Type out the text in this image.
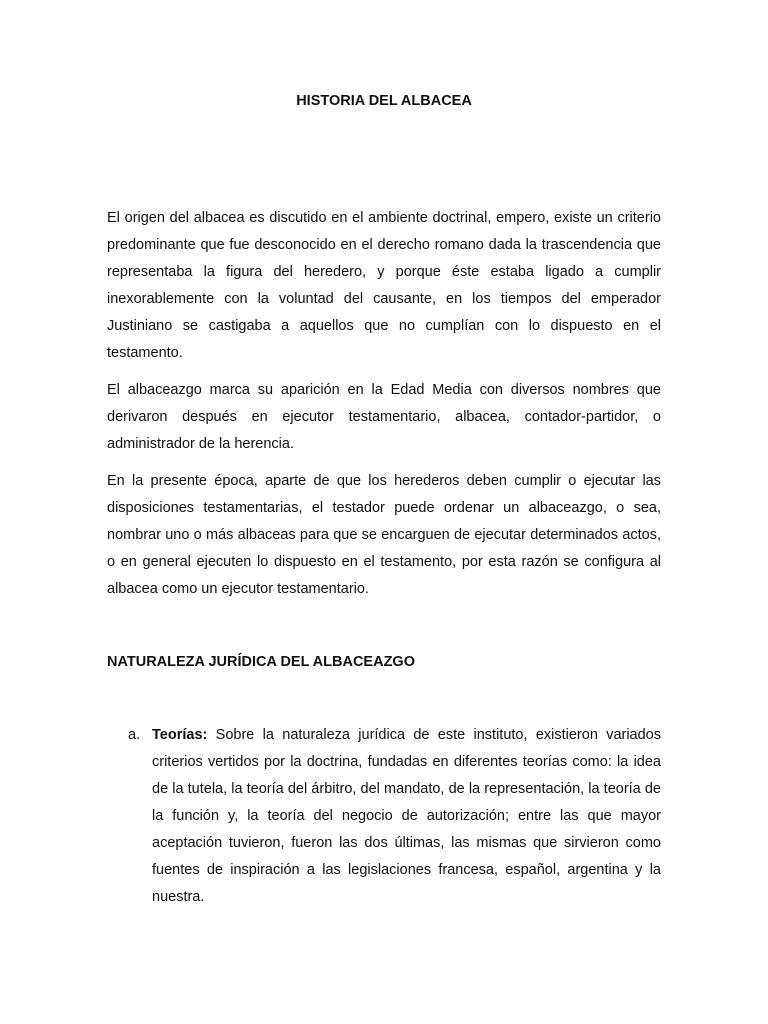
HISTORIA DEL ALBACEA

El origen del albacea es discutido en el ambiente doctrinal, empero, existe un criterio predominante que fue desconocido en el derecho romano dada la trascendencia que representaba la figura del heredero, y porque éste estaba ligado a cumplir inexorablemente con la voluntad del causante, en los tiempos del emperador Justiniano se castigaba a aquellos que no cumplían con lo dispuesto en el testamento.

El albaceazgo marca su aparición en la Edad Media con diversos nombres que derivaron después en ejecutor testamentario, albacea, contador-partidor, o administrador de la herencia.

En la presente época, aparte de que los herederos deben cumplir o ejecutar las disposiciones testamentarias, el testador puede ordenar un albaceazgo, o sea, nombrar uno o más albaceas para que se encarguen de ejecutar determinados actos, o en general ejecuten lo dispuesto en el testamento, por esta razón se configura al albacea como un ejecutor testamentario.

NATURALEZA JURÍDICA DEL ALBACEAZGO
a. Teorías: Sobre la naturaleza jurídica de este instituto, existieron variados criterios vertidos por la doctrina, fundadas en diferentes teorías como: la idea de la tutela, la teoría del árbitro, del mandato, de la representación, la teoría de la función y, la teoría del negocio de autorización; entre las que mayor aceptación tuvieron, fueron las dos últimas, las mismas que sirvieron como fuentes de inspiración a las legislaciones francesa, español, argentina y la nuestra.
